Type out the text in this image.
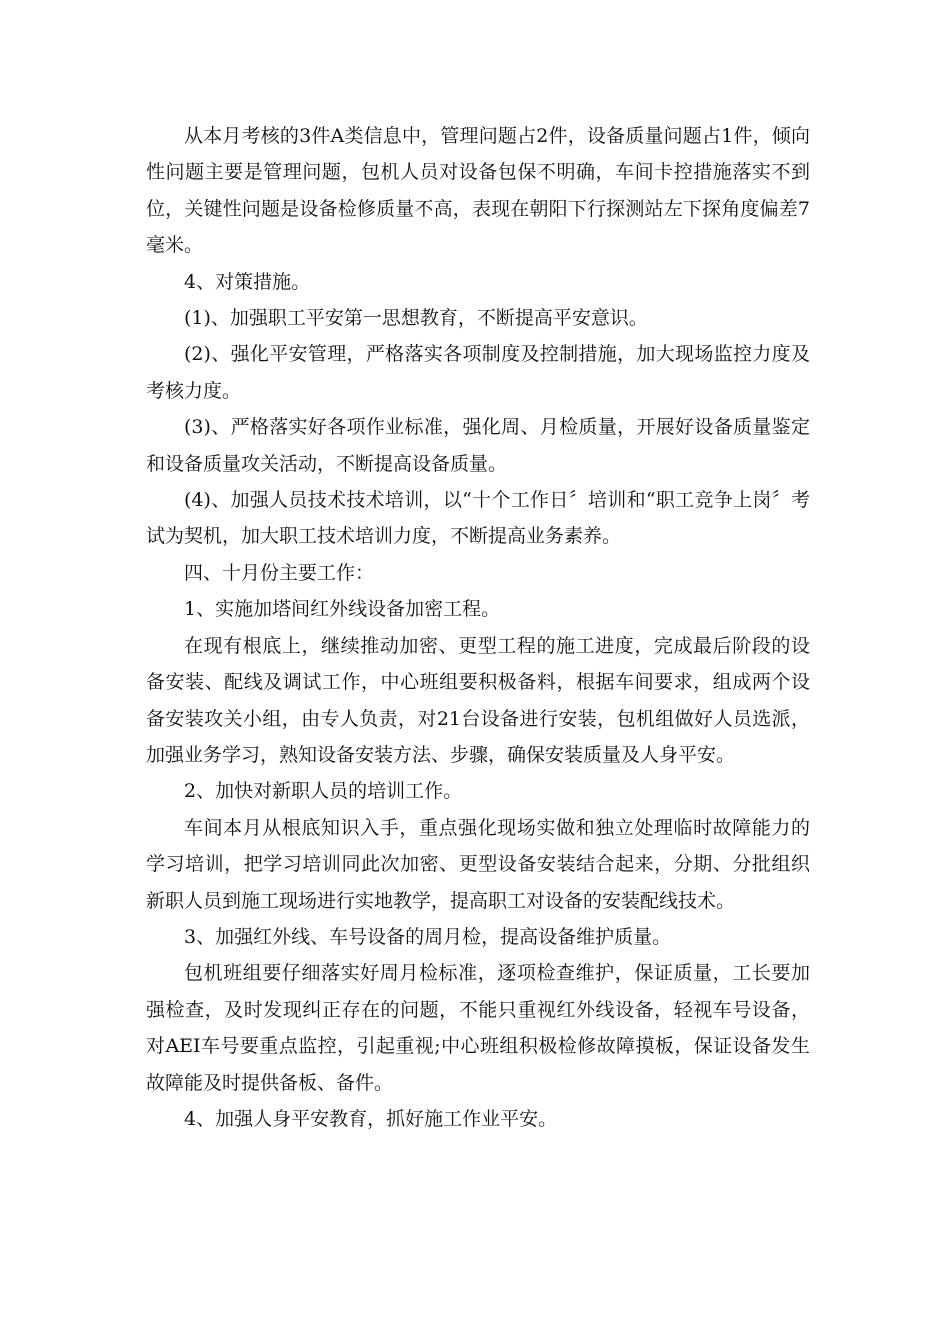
从本月考核的3件A类信息中，管理问题占2件，设备质量问题占1件，倾向性问题主要是管理问题，包机人员对设备包保不明确，车间卡控措施落实不到位，关键性问题是设备检修质量不高，表现在朝阳下行探测站左下探角度偏差7毫米。

4、对策措施。

(1)、加强职工平安第一思想教育，不断提高平安意识。

(2)、强化平安管理，严格落实各项制度及控制措施，加大现场监控力度及考核力度。

(3)、严格落实好各项作业标准，强化周、月检质量，开展好设备质量鉴定和设备质量攻关活动，不断提高设备质量。

(4)、加强人员技术技术培训，以“十个工作日〞培训和“职工竞争上岗〞考试为契机，加大职工技术培训力度，不断提高业务素养。

四、十月份主要工作：

1、实施加塔间红外线设备加密工程。

在现有根底上，继续推动加密、更型工程的施工进度，完成最后阶段的设备安装、配线及调试工作，中心班组要积极备料，根据车间要求，组成两个设备安装攻关小组，由专人负责，对21台设备进行安装，包机组做好人员选派，加强业务学习，熟知设备安装方法、步骤，确保安装质量及人身平安。

2、加快对新职人员的培训工作。

车间本月从根底知识入手，重点强化现场实做和独立处理临时故障能力的学习培训，把学习培训同此次加密、更型设备安装结合起来，分期、分批组织新职人员到施工现场进行实地教学，提高职工对设备的安装配线技术。

3、加强红外线、车号设备的周月检，提高设备维护质量。

包机班组要仔细落实好周月检标准，逐项检查维护，保证质量，工长要加强检查，及时发现纠正存在的问题，不能只重视红外线设备，轻视车号设备，对AEI车号要重点监控，引起重视;中心班组积极检修故障摸板，保证设备发生故障能及时提供备板、备件。

4、加强人身平安教育，抓好施工作业平安。
